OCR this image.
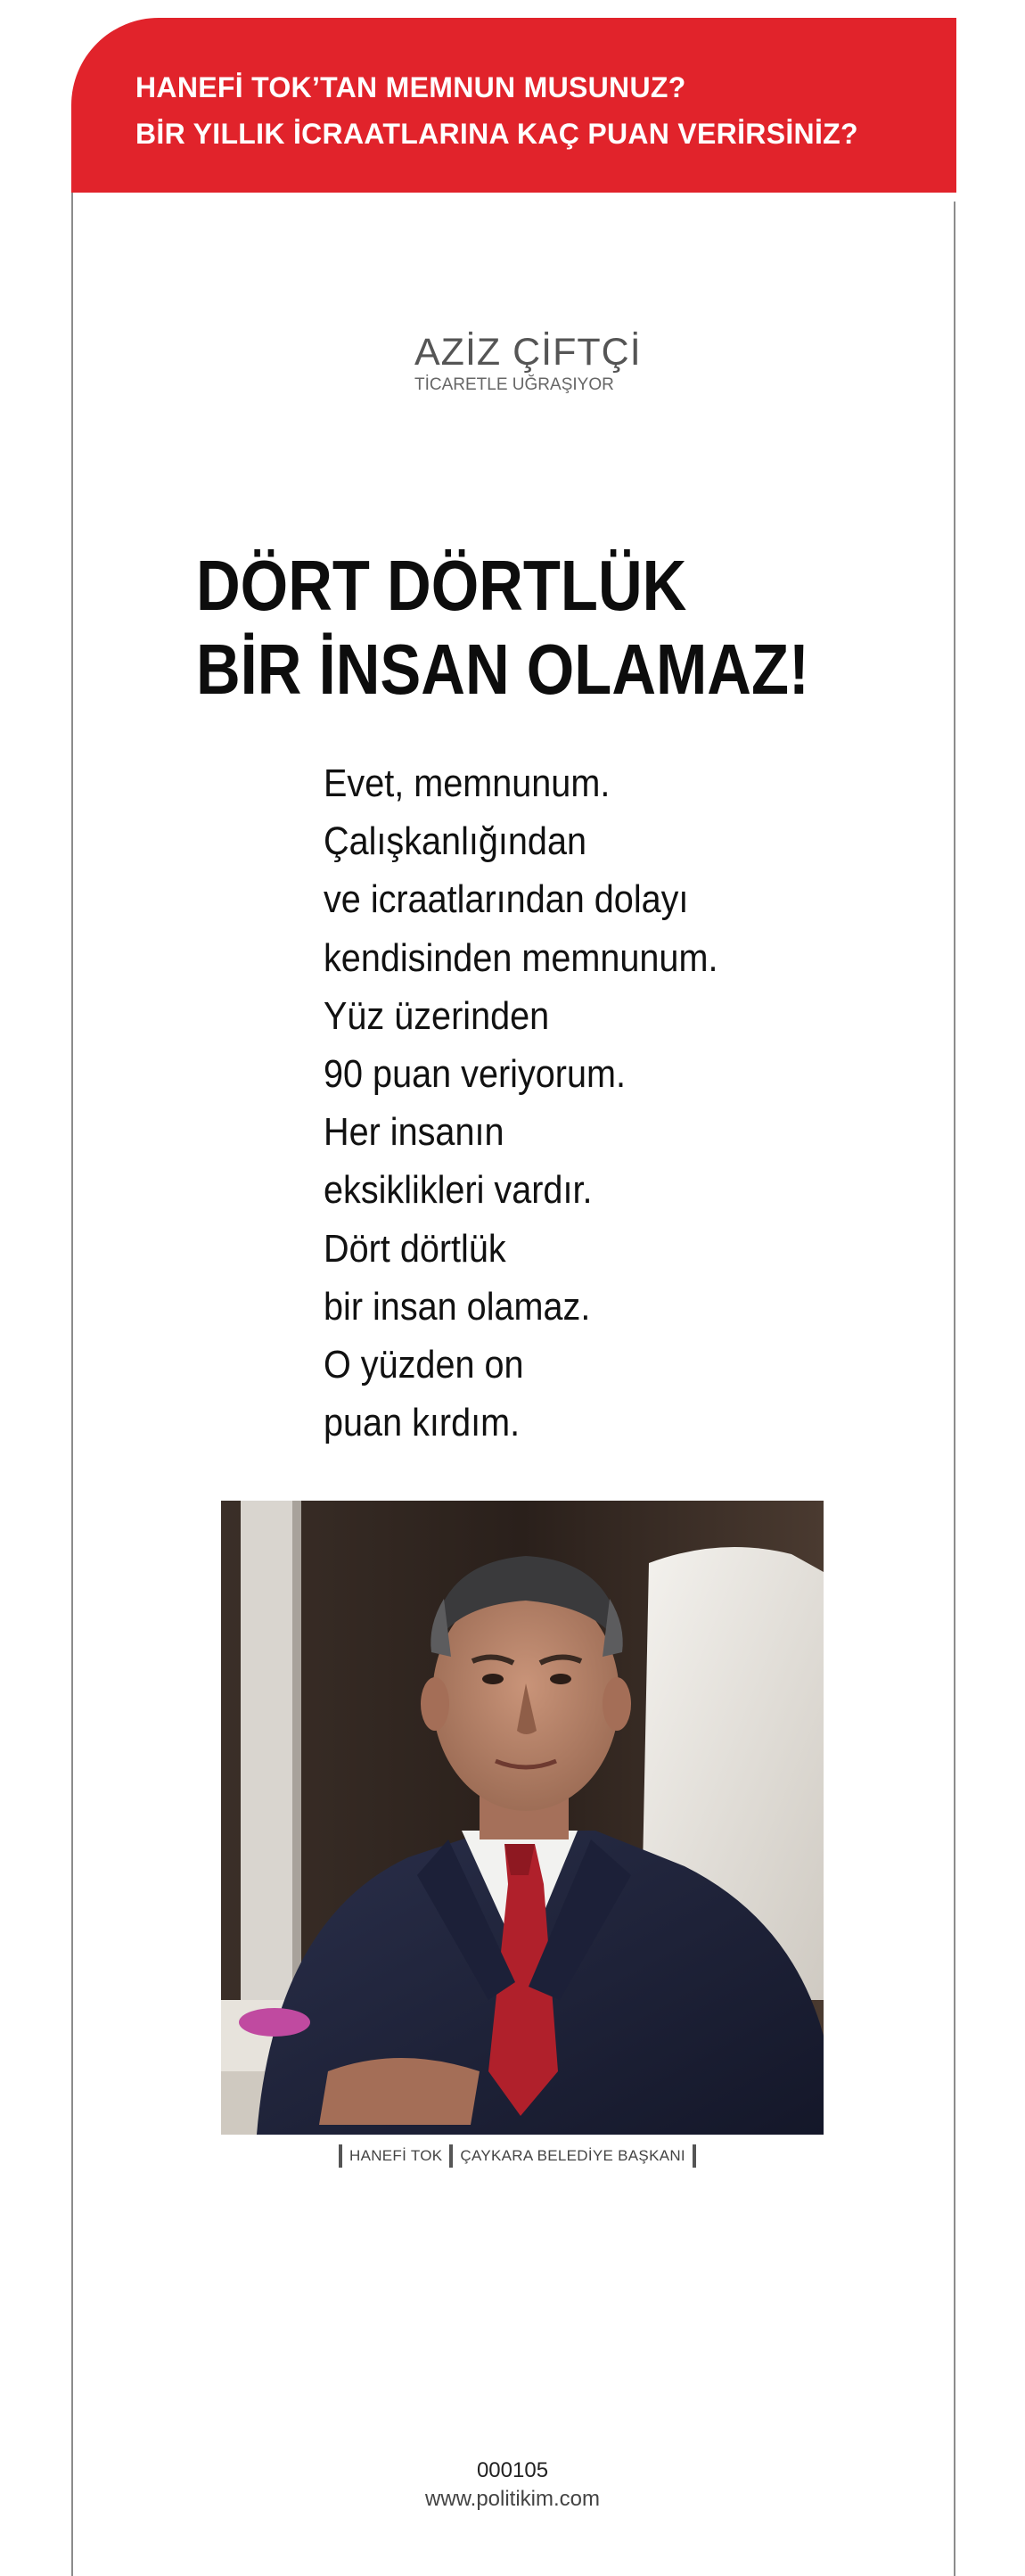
HANEFİ TOK’TAN MEMNUN MUSUNUZ?
BİR YILLIK İCRAATLARINA KAÇ PUAN VERİRSİNİZ?
AZİZ ÇİFTÇİ
TİCARETLE UĞRAŞIYOR
DÖRT DÖRTLÜK
BİR İNSAN OLAMAZ!
Evet, memnunum.
Çalışkanlığından
ve icraatlarından dolayı
kendisinden memnunum.
Yüz üzerinden
90 puan veriyorum.
Her insanın
eksiklikleri vardır.
Dört dörtlük
bir insan olamaz.
O yüzden on
puan kırdım.
HANEFİ TOK	ÇAYKARA BELEDİYE BAŞKANI
000105
www.politikim.com
